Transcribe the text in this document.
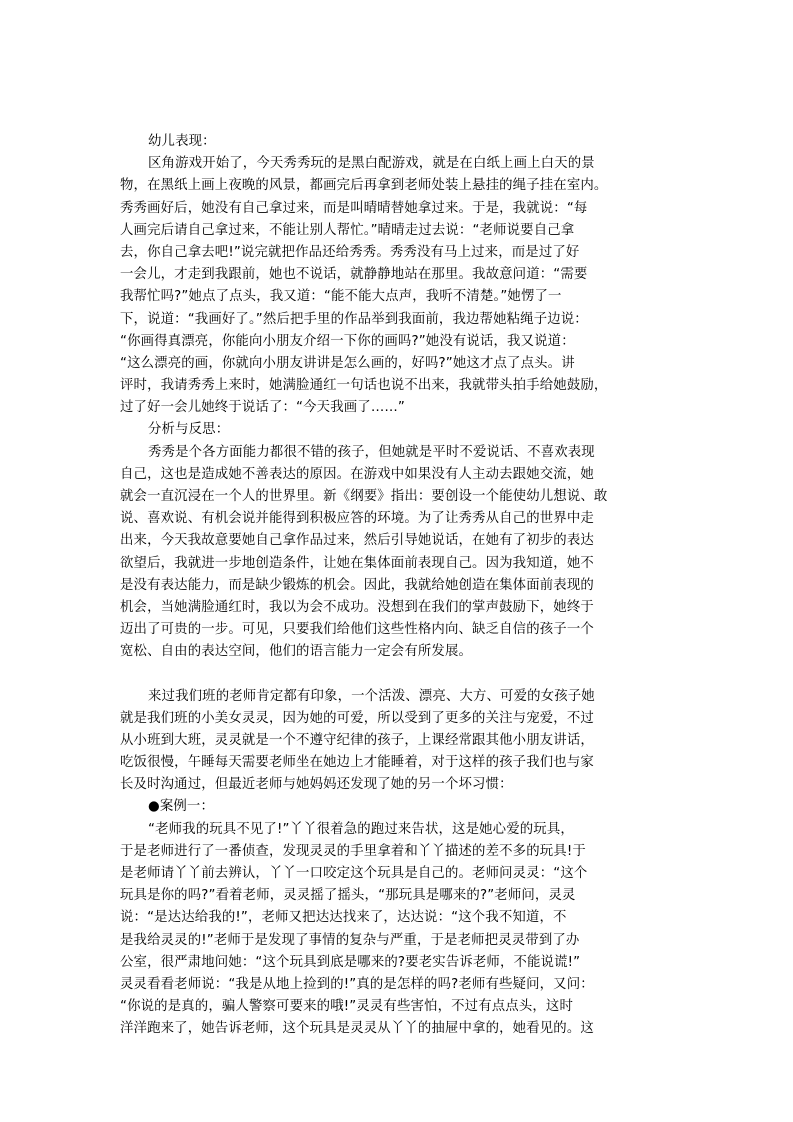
幼儿表现：
区角游戏开始了，今天秀秀玩的是黑白配游戏，就是在白纸上画上白天的景
物，在黑纸上画上夜晚的风景，都画完后再拿到老师处装上悬挂的绳子挂在室内。
秀秀画好后，她没有自己拿过来，而是叫晴晴替她拿过来。于是，我就说：“每
人画完后请自己拿过来，不能让别人帮忙。”晴晴走过去说：“老师说要自己拿
去，你自己拿去吧!”说完就把作品还给秀秀。秀秀没有马上过来，而是过了好
一会儿，才走到我跟前，她也不说话，就静静地站在那里。我故意问道：“需要
我帮忙吗?”她点了点头，我又道：“能不能大点声，我听不清楚。”她愣了一
下，说道：“我画好了。”然后把手里的作品举到我面前，我边帮她粘绳子边说：
“你画得真漂亮，你能向小朋友介绍一下你的画吗?”她没有说话，我又说道：
“这么漂亮的画，你就向小朋友讲讲是怎么画的，好吗?”她这才点了点头。讲
评时，我请秀秀上来时，她满脸通红一句话也说不出来，我就带头拍手给她鼓励，
过了好一会儿她终于说话了：“今天我画了……”
分析与反思：
秀秀是个各方面能力都很不错的孩子，但她就是平时不爱说话、不喜欢表现
自己，这也是造成她不善表达的原因。在游戏中如果没有人主动去跟她交流，她
就会一直沉浸在一个人的世界里。新《纲要》指出：要创设一个能使幼儿想说、敢
说、喜欢说、有机会说并能得到积极应答的环境。为了让秀秀从自己的世界中走
出来，今天我故意要她自己拿作品过来，然后引导她说话，在她有了初步的表达
欲望后，我就进一步地创造条件，让她在集体面前表现自己。因为我知道，她不
是没有表达能力，而是缺少锻炼的机会。因此，我就给她创造在集体面前表现的
机会，当她满脸通红时，我以为会不成功。没想到在我们的掌声鼓励下，她终于
迈出了可贵的一步。可见，只要我们给他们这些性格内向、缺乏自信的孩子一个
宽松、自由的表达空间，他们的语言能力一定会有所发展。
来过我们班的老师肯定都有印象，一个活泼、漂亮、大方、可爱的女孩子她
就是我们班的小美女灵灵，因为她的可爱，所以受到了更多的关注与宠爱，不过
从小班到大班，灵灵就是一个不遵守纪律的孩子，上课经常跟其他小朋友讲话，
吃饭很慢，午睡每天需要老师坐在她边上才能睡着，对于这样的孩子我们也与家
长及时沟通过，但最近老师与她妈妈还发现了她的另一个坏习惯：
●案例一：
“老师我的玩具不见了!”丫丫很着急的跑过来告状，这是她心爱的玩具，
于是老师进行了一番侦查，发现灵灵的手里拿着和丫丫描述的差不多的玩具!于
是老师请丫丫前去辨认，丫丫一口咬定这个玩具是自己的。老师问灵灵：“这个
玩具是你的吗?”看着老师，灵灵摇了摇头，“那玩具是哪来的?”老师问，灵灵
说：“是达达给我的!”，老师又把达达找来了，达达说：“这个我不知道，不
是我给灵灵的!”老师于是发现了事情的复杂与严重，于是老师把灵灵带到了办
公室，很严肃地问她：“这个玩具到底是哪来的?要老实告诉老师，不能说谎!”
灵灵看看老师说：“我是从地上捡到的!”真的是怎样的吗?老师有些疑问，又问：
“你说的是真的，骗人警察可要来的哦!”灵灵有些害怕，不过有点点头，这时
洋洋跑来了，她告诉老师，这个玩具是灵灵从丫丫的抽屉中拿的，她看见的。这
